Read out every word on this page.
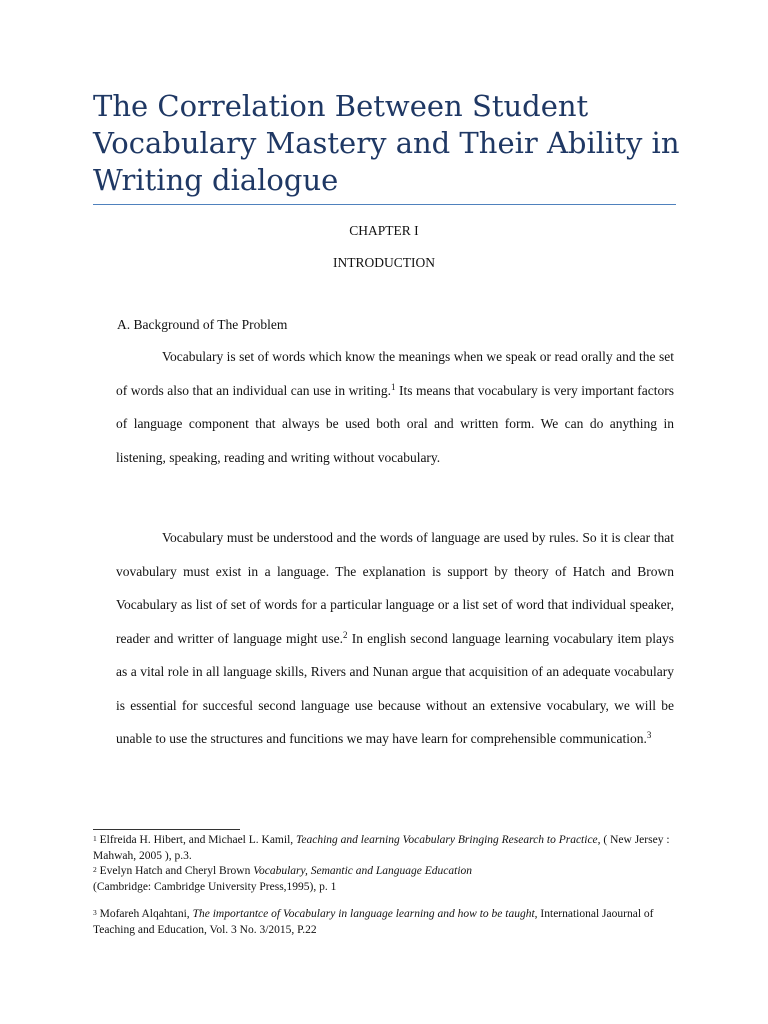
The Correlation Between Student Vocabulary Mastery and Their Ability in Writing dialogue
CHAPTER I
INTRODUCTION
A. Background of The Problem

Vocabulary is set of words which know the meanings when we speak or read orally and the set of words also that an individual can use in writing.$^1$ Its means that vocabulary is very important factors of language component that always be used both oral and written form. We can do anything in listening, speaking, reading and writing without vocabulary.

Vocabulary must be understood and the words of language are used by rules. So it is clear that vovabulary must exist in a language. The explanation is support by theory of Hatch and Brown Vocabulary as list of set of words for a particular language or a list set of word that individual speaker, reader and writter of language might use.$^2$ In english second language learning vocabulary item plays as a vital role in all language skills, Rivers and Nunan argue that acquisition of an adequate vocabulary is essential for succesful second language use because without an extensive vocabulary, we will be unable to use the structures and funcitions we may have learn for comprehensible communication.$^3$

$^1$ Elfreida H. Hibert, and Michael L. Kamil, Teaching and learning Vocabulary Bringing Research to Practice, ( New Jersey : Mahwah, 2005 ), p.3.

$^2$ Evelyn Hatch and Cheryl Brown Vocabulary, Semantic and Language Education
(Cambridge: Cambridge University Press,1995), p. 1

$^3$ Mofareh Alqahtani, The importantce of Vocabulary in language learning and how to be taught, International Jaournal of Teaching and Education, Vol. 3 No. 3/2015, P.22
